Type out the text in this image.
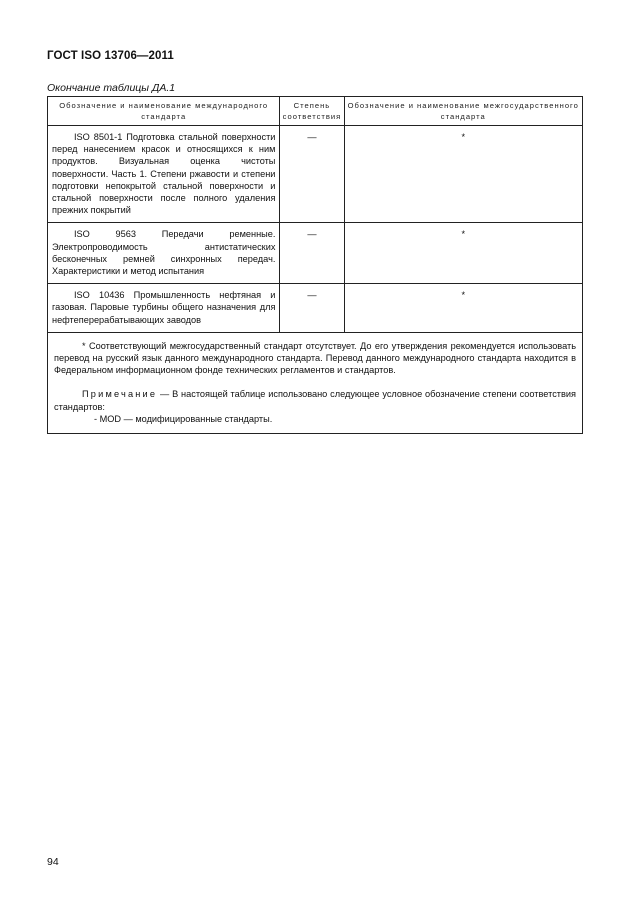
ГОСТ ISO 13706—2011
Окончание таблицы ДА.1
Обозначение и наименование международного стандарта	Степень соответствия	Обозначение и наименование межгосударственного стандарта

ISO 8501-1 Подготовка стальной поверхности перед нанесением красок и относящихся к ним продуктов. Визуальная оценка чистоты поверхности. Часть 1. Степени ржавости и степени подготовки непокрытой стальной поверхности и стальной поверхности после полного удаления прежних покрытий	—	*

ISO 9563 Передачи ременные. Электропроводимость антистатических бесконечных ремней синхронных передач. Характеристики и метод испытания	—	*

ISO 10436 Промышленность нефтяная и газовая. Паровые турбины общего назначения для нефтеперерабатывающих заводов	—	*

* Соответствующий межгосударственный стандарт отсутствует. До его утверждения рекомендуется использовать перевод на русский язык данного международного стандарта. Перевод данного международного стандарта находится в Федеральном информационном фонде технических регламентов и стандартов.

Примечание — В настоящей таблице использовано следующее условное обозначение степени соответствия стандартов:

- MOD — модифицированные стандарты.		

94
